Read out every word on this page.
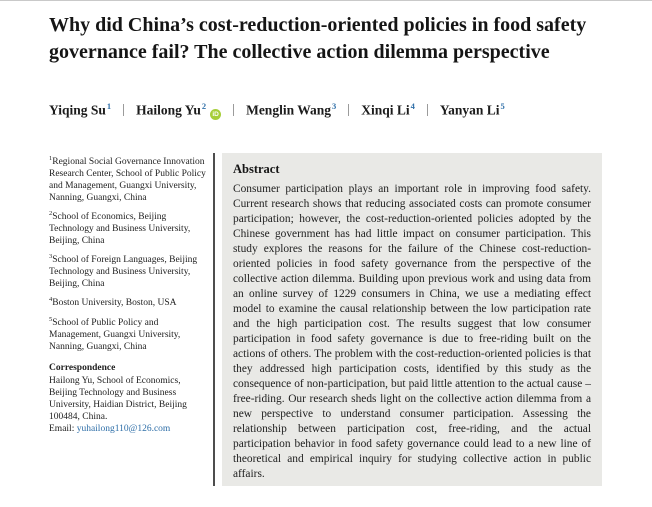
Why did China’s cost-reduction-oriented policies in food safety governance fail? The collective action dilemma perspective
Yiqing Su$^1$ Hailong Yu$^2$ iD	Menglin Wang$^3$ Xinqi Li$^4$ Yanyan Li$^5$

$^1$Regional Social Governance Innovation Research Center, School of Public Policy and Management, Guangxi University, Nanning, Guangxi, China

$^2$School of Economics, Beijing Technology and Business University, Beijing, China

$^3$School of Foreign Languages, Beijing Technology and Business University, Beijing, China

$^4$Boston University, Boston, USA

$^5$School of Public Policy and Management, Guangxi University, Nanning, Guangxi, China

Correspondence

Hailong Yu, School of Economics, Beijing Technology and Business University, Haidian District, Beijing 100484, China.

Email: yuhailong110@126.com

Abstract

Consumer participation plays an important role in improving food safety. Current research shows that reducing associated costs can promote consumer participation; however, the cost-reduction-oriented policies adopted by the Chinese government has had little impact on consumer participation. This study explores the reasons for the failure of the Chinese cost-reduction-oriented policies in food safety governance from the perspective of the collective action dilemma. Building upon previous work and using data from an online survey of 1229 consumers in China, we use a mediating effect model to examine the causal relationship between the low participation rate and the high participation cost. The results suggest that low consumer participation in food safety governance is due to free-riding built on the actions of others. The problem with the cost-reduction-oriented policies is that they addressed high participation costs, identified by this study as the consequence of non-participation, but paid little attention to the actual cause – free-riding. Our research sheds light on the collective action dilemma from a new perspective to understand consumer participation. Assessing the relationship between participation cost, free-riding, and the actual participation behavior in food safety governance could lead to a new line of theoretical and empirical inquiry for studying collective action in public affairs.
